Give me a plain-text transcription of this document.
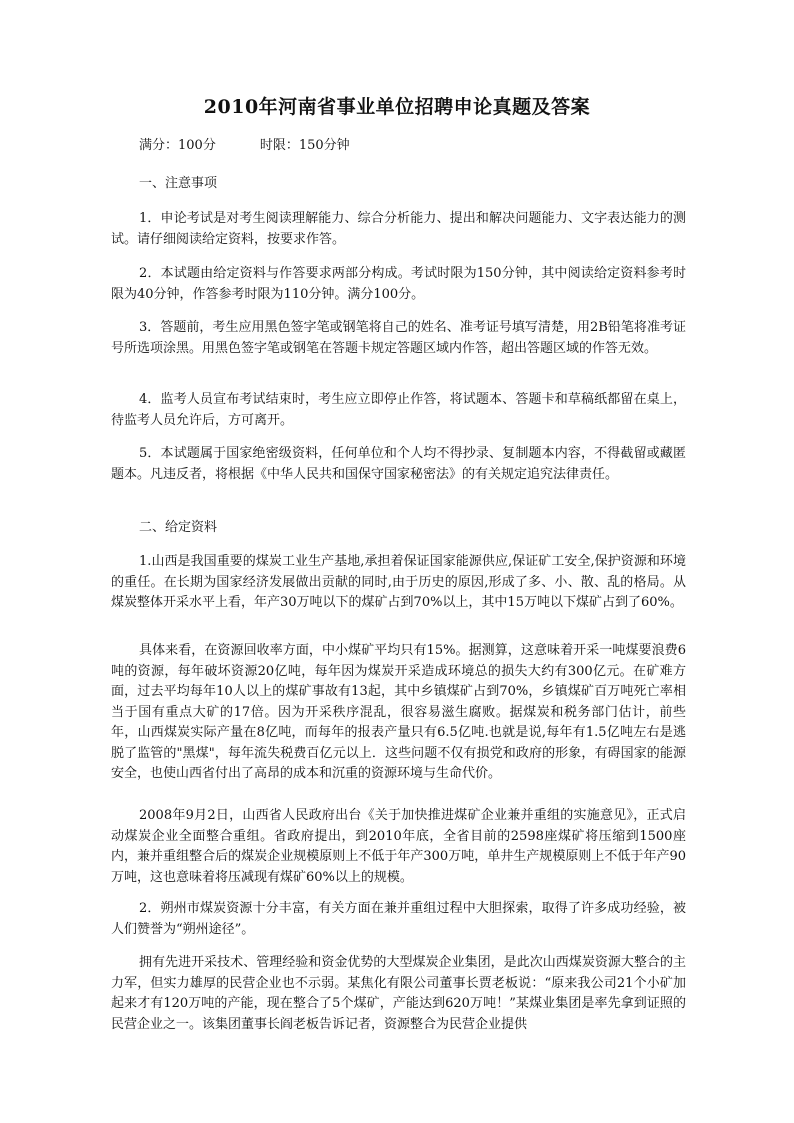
2010年河南省事业单位招聘申论真题及答案
满分：100分	时限：150分钟
一、注意事项

1．申论考试是对考生阅读理解能力、综合分析能力、提出和解决问题能力、文字表达能力的测试。请仔细阅读给定资料，按要求作答。

2．本试题由给定资料与作答要求两部分构成。考试时限为150分钟，其中阅读给定资料参考时限为40分钟，作答参考时限为110分钟。满分100分。

3．答题前，考生应用黑色签字笔或钢笔将自己的姓名、准考证号填写清楚，用2B铅笔将准考证号所选项涂黑。用黑色签字笔或钢笔在答题卡规定答题区域内作答，超出答题区域的作答无效。

4．监考人员宣布考试结束时，考生应立即停止作答，将试题本、答题卡和草稿纸都留在桌上，待监考人员允许后，方可离开。

5．本试题属于国家绝密级资料，任何单位和个人均不得抄录、复制题本内容，不得截留或藏匿题本。凡违反者，将根据《中华人民共和国保守国家秘密法》的有关规定追究法律责任。

二、给定资料

1.山西是我国重要的煤炭工业生产基地,承担着保证国家能源供应,保证矿工安全,保护资源和环境的重任。在长期为国家经济发展做出贡献的同时,由于历史的原因,形成了多、小、散、乱的格局。从煤炭整体开采水平上看，年产30万吨以下的煤矿占到70%以上，其中15万吨以下煤矿占到了60%。

具体来看，在资源回收率方面，中小煤矿平均只有15%。据测算，这意味着开采一吨煤要浪费6吨的资源，每年破坏资源20亿吨，每年因为煤炭开采造成环境总的损失大约有300亿元。在矿难方面，过去平均每年10人以上的煤矿事故有13起，其中乡镇煤矿占到70%，乡镇煤矿百万吨死亡率相当于国有重点大矿的17倍。因为开采秩序混乱，很容易滋生腐败。据煤炭和税务部门估计，前些年，山西煤炭实际产量在8亿吨，而每年的报表产量只有6.5亿吨.也就是说,每年有1.5亿吨左右是逃脱了监管的"黑煤"，每年流失税费百亿元以上．这些问题不仅有损党和政府的形象，有碍国家的能源安全，也使山西省付出了高昂的成本和沉重的资源环境与生命代价。

2008年9月2日，山西省人民政府出台《关于加快推进煤矿企业兼并重组的实施意见》，正式启动煤炭企业全面整合重组。省政府提出，到2010年底，全省目前的2598座煤矿将压缩到1500座内，兼并重组整合后的煤炭企业规模原则上不低于年产300万吨，单井生产规模原则上不低于年产90万吨，这也意味着将压减现有煤矿60%以上的规模。

2．朔州市煤炭资源十分丰富，有关方面在兼并重组过程中大胆探索，取得了许多成功经验，被人们赞誉为“朔州途径”。

拥有先进开采技术、管理经验和资金优势的大型煤炭企业集团，是此次山西煤炭资源大整合的主力军，但实力雄厚的民营企业也不示弱。某焦化有限公司董事长贾老板说：“原来我公司21个小矿加起来才有120万吨的产能，现在整合了5个煤矿，产能达到620万吨！”某煤业集团是率先拿到证照的民营企业之一。该集团董事长阎老板告诉记者，资源整合为民营企业提供
